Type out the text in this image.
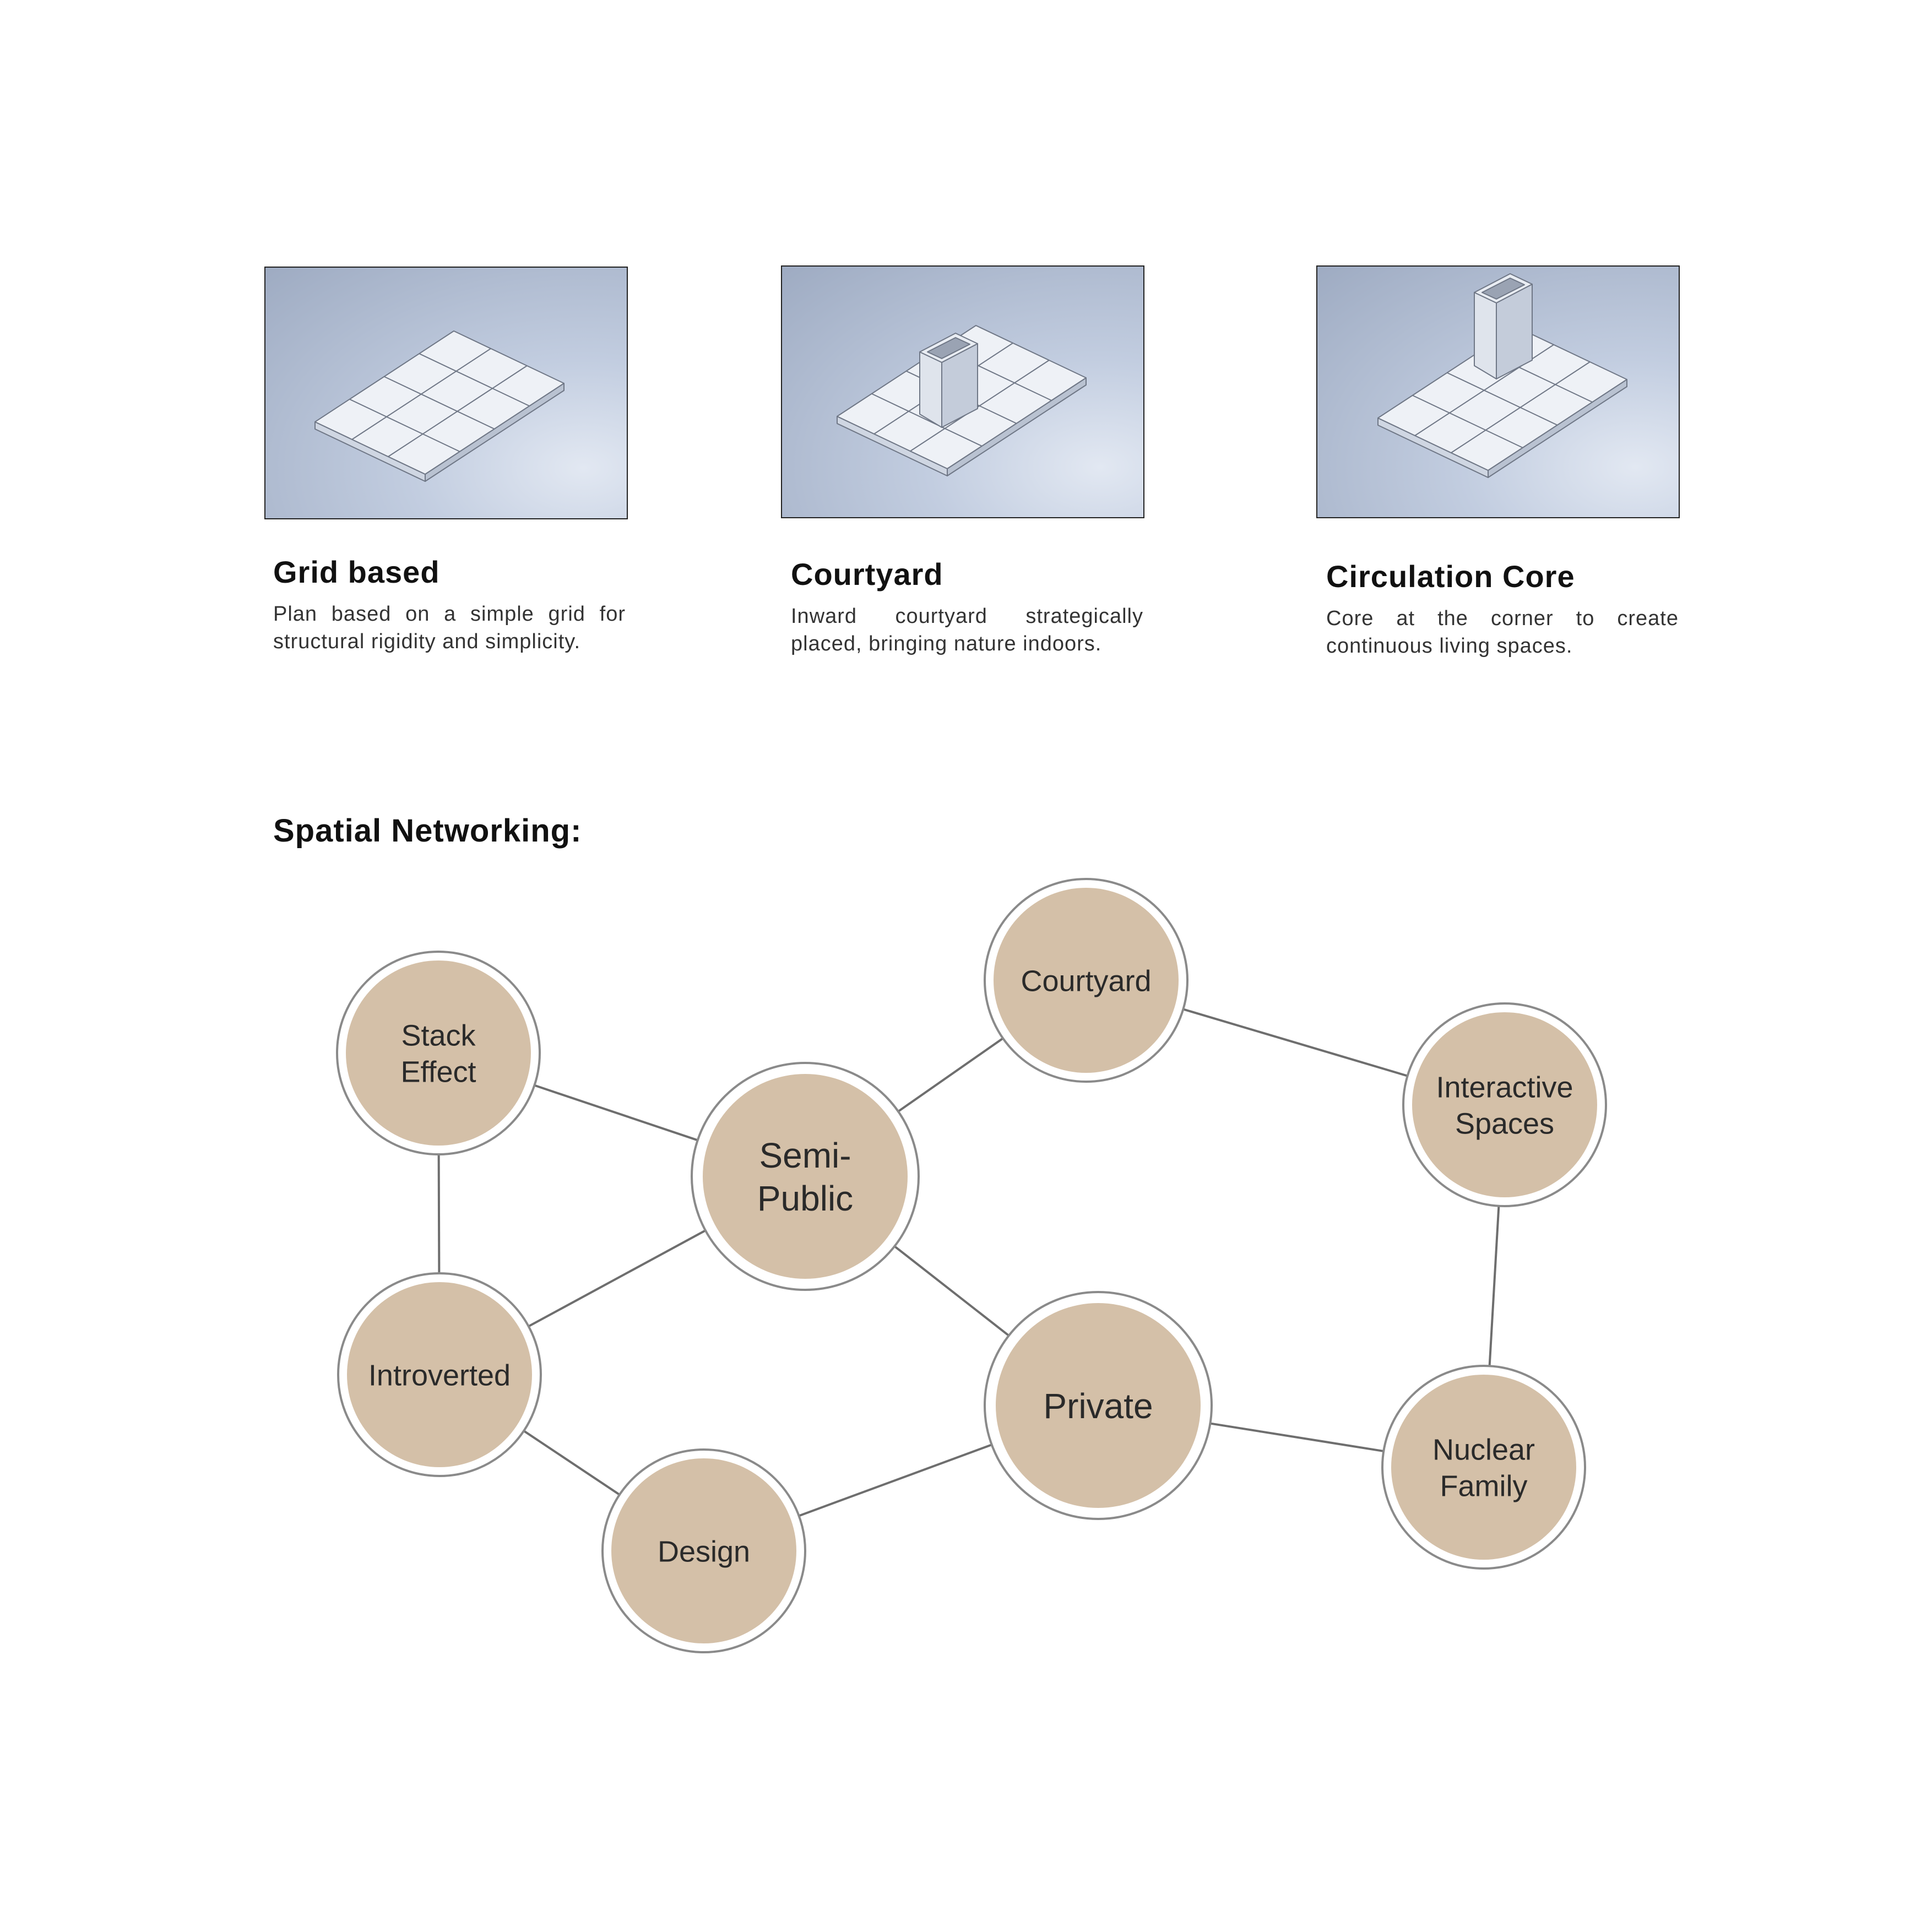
Grid based
Plan based on a simple grid for structural rigidity and simplicity.
Courtyard
Inward courtyard strategically placed, bringing nature indoors.
Circulation Core
Core at the corner to create continuous living spaces.
Spatial Networking:
Stack
Effect
Semi-
Public
Courtyard
Interactive
Spaces
Introverted
Private
Nuclear
Family
Design
